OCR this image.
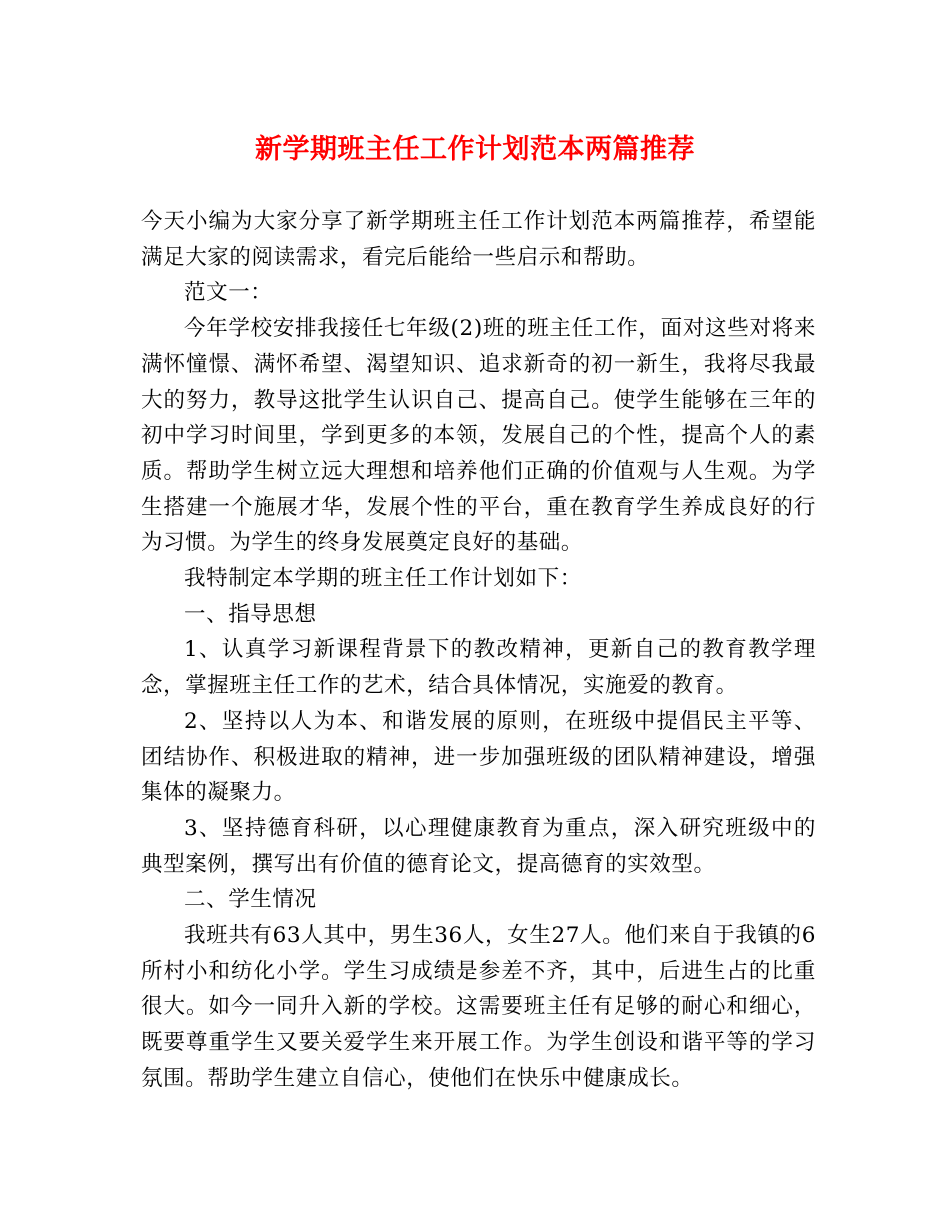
新学期班主任工作计划范本两篇推荐

今天小编为大家分享了新学期班主任工作计划范本两篇推荐，希望能满足大家的阅读需求，看完后能给一些启示和帮助。

范文一：

今年学校安排我接任七年级(2)班的班主任工作，面对这些对将来满怀憧憬、满怀希望、渴望知识、追求新奇的初一新生，我将尽我最大的努力，教导这批学生认识自己、提高自己。使学生能够在三年的初中学习时间里，学到更多的本领，发展自己的个性，提高个人的素质。帮助学生树立远大理想和培养他们正确的价值观与人生观。为学生搭建一个施展才华，发展个性的平台，重在教育学生养成良好的行为习惯。为学生的终身发展奠定良好的基础。

我特制定本学期的班主任工作计划如下：

一、指导思想

1、认真学习新课程背景下的教改精神，更新自己的教育教学理念，掌握班主任工作的艺术，结合具体情况，实施爱的教育。

2、坚持以人为本、和谐发展的原则，在班级中提倡民主平等、团结协作、积极进取的精神，进一步加强班级的团队精神建设，增强集体的凝聚力。

3、坚持德育科研，以心理健康教育为重点，深入研究班级中的典型案例，撰写出有价值的德育论文，提高德育的实效型。

二、学生情况

我班共有63人其中，男生36人，女生27人。他们来自于我镇的6所村小和纺化小学。学生习成绩是参差不齐，其中，后进生占的比重很大。如今一同升入新的学校。这需要班主任有足够的耐心和细心，既要尊重学生又要关爱学生来开展工作。为学生创设和谐平等的学习氛围。帮助学生建立自信心，使他们在快乐中健康成长。
